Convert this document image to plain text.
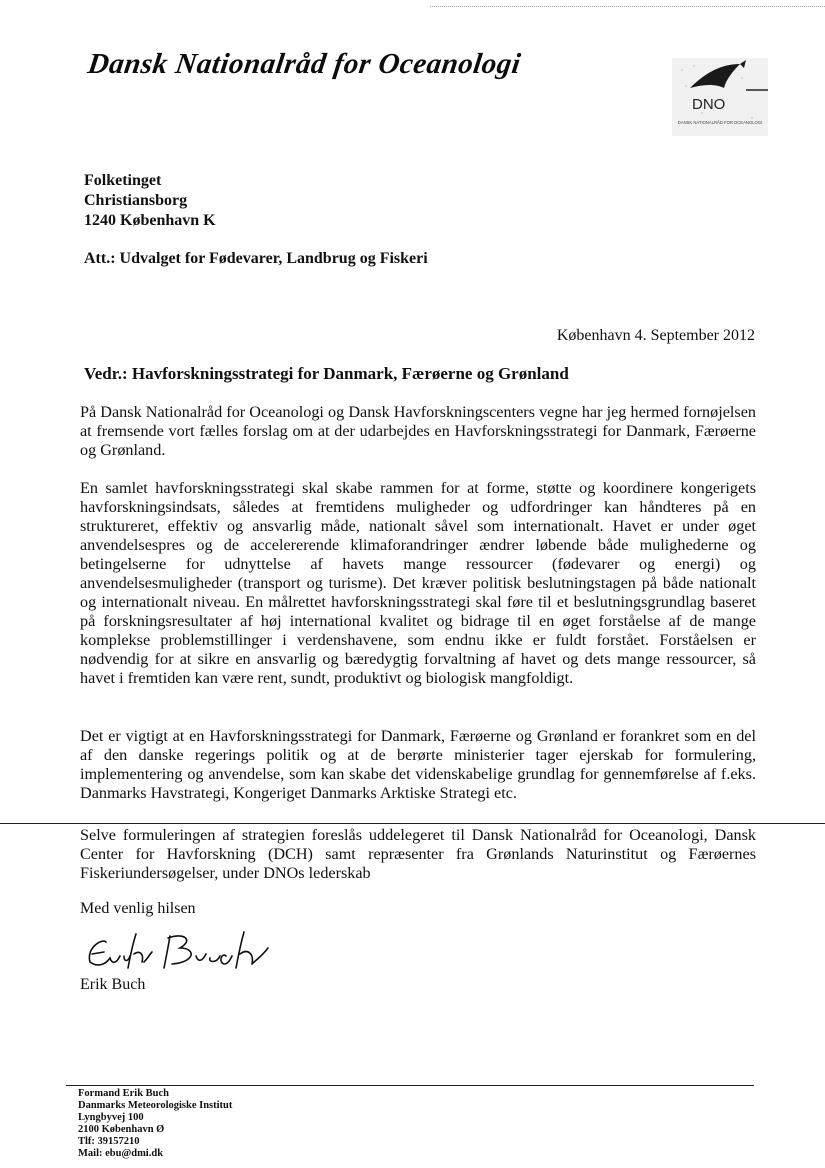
Dansk Nationalråd for Oceanologi
DNO
DANSK NATIONALRÅD FOR OCEANOLOGI
Folketinget
Christiansborg
1240 København K
Att.: Udvalget for Fødevarer, Landbrug og Fiskeri
København 4. September 2012
Vedr.: Havforskningsstrategi for Danmark, Færøerne og Grønland

På Dansk Nationalråd for Oceanologi og Dansk Havforskningscenters vegne har jeg hermed fornøjelsen at fremsende vort fælles forslag om at der udarbejdes en Havforskningsstrategi for Danmark, Færøerne og Grønland.

En samlet havforskningsstrategi skal skabe rammen for at forme, støtte og koordinere kongerigets havforskningsindsats, således at fremtidens muligheder og udfordringer kan håndteres på en struktureret, effektiv og ansvarlig måde, nationalt såvel som internationalt. Havet er under øget anvendelsespres og de accelererende klimaforandringer ændrer løbende både mulighederne og betingelserne for udnyttelse af havets mange ressourcer (fødevarer og energi) og anvendelsesmuligheder (transport og turisme). Det kræver politisk beslutningstagen på både nationalt og internationalt niveau. En målrettet havforskningsstrategi skal føre til et beslutningsgrundlag baseret på forskningsresultater af høj international kvalitet og bidrage til en øget forståelse af de mange komplekse problemstillinger i verdenshavene, som endnu ikke er fuldt forstået. Forståelsen er nødvendig for at sikre en ansvarlig og bæredygtig forvaltning af havet og dets mange ressourcer, så havet i fremtiden kan være rent, sundt, produktivt og biologisk mangfoldigt.

Det er vigtigt at en Havforskningsstrategi for Danmark, Færøerne og Grønland er forankret som en del af den danske regerings politik og at de berørte ministerier tager ejerskab for formulering, implementering og anvendelse, som kan skabe det videnskabelige grundlag for gennemførelse af f.eks. Danmarks Havstrategi, Kongeriget Danmarks Arktiske Strategi etc.

Selve formuleringen af strategien foreslås uddelegeret til Dansk Nationalråd for Oceanologi, Dansk Center for Havforskning (DCH) samt repræsenter fra Grønlands Naturinstitut og Færøernes Fiskeriundersøgelser, under DNOs lederskab

Med venlig hilsen
Erik Buch
Formand Erik Buch
Danmarks Meteorologiske Institut
Lyngbyvej 100
2100 København Ø
Tlf: 39157210
Mail: ebu@dmi.dk
